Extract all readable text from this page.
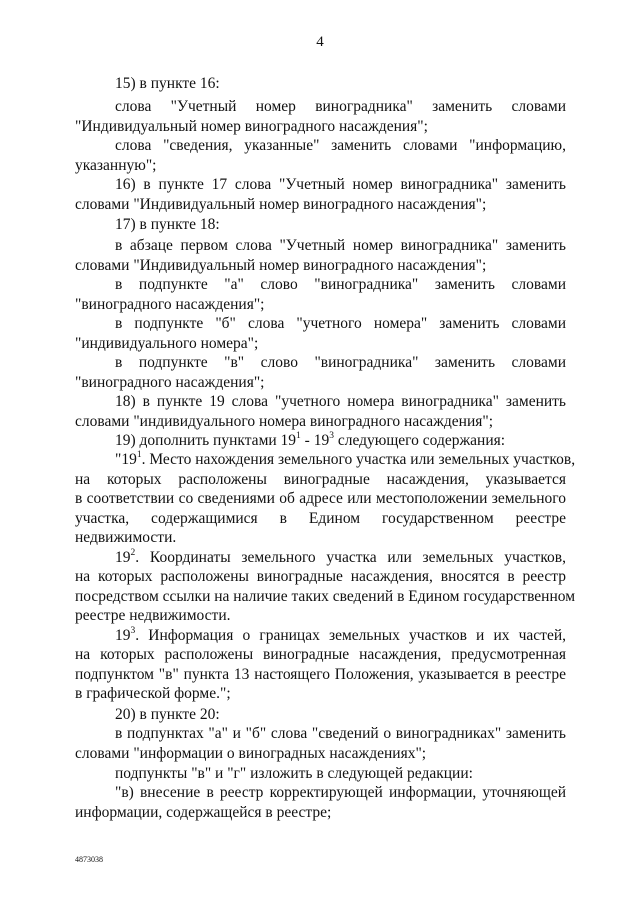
4

15) в пункте 16:

слова "Учетный номер виноградника" заменить словами

"Индивидуальный номер виноградного насаждения";

слова "сведения, указанные" заменить словами "информацию,

указанную";

16) в пункте 17 слова "Учетный номер виноградника" заменить

словами "Индивидуальный номер виноградного насаждения";

17) в пункте 18:

в абзаце первом слова "Учетный номер виноградника" заменить

словами "Индивидуальный номер виноградного насаждения";

в подпункте "а" слово "виноградника" заменить словами

"виноградного насаждения";

в подпункте "б" слова "учетного номера" заменить словами

"индивидуального номера";

в подпункте "в" слово "виноградника" заменить словами

"виноградного насаждения";

18) в пункте 19 слова "учетного номера виноградника" заменить

словами "индивидуального номера виноградного насаждения";

19) дополнить пунктами $19^1 - 19^3$ следующего содержания:

"$19^1$. Место нахождения земельного участка или земельных участков,

на которых расположены виноградные насаждения, указывается

в соответствии со сведениями об адресе или местоположении земельного

участка, содержащимися в Едином государственном реестре

недвижимости.

$19^2$. Координаты земельного участка или земельных участков,

на которых расположены виноградные насаждения, вносятся в реестр

посредством ссылки на наличие таких сведений в Едином государственном

реестре недвижимости.

$19^3$. Информация о границах земельных участков и их частей,

на которых расположены виноградные насаждения, предусмотренная

подпунктом "в" пункта 13 настоящего Положения, указывается в реестре

в графической форме.";

20) в пункте 20:

в подпунктах "а" и "б" слова "сведений о виноградниках" заменить

словами "информации о виноградных насаждениях";

подпункты "в" и "г" изложить в следующей редакции:

"в) внесение в реестр корректирующей информации, уточняющей

информации, содержащейся в реестре;

4873038
